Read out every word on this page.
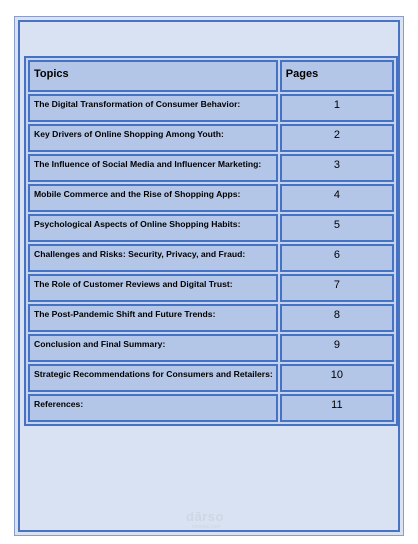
Topics	Pages
The Digital Transformation of Consumer Behavior:	1
Key Drivers of Online Shopping Among Youth:	2
The Influence of Social Media and Influencer Marketing:	3
Mobile Commerce and the Rise of Shopping Apps:	4
Psychological Aspects of Online Shopping Habits:	5
Challenges and Risks: Security, Privacy, and Fraud:	6
The Role of Customer Reviews and Digital Trust:	7
The Post-Pandemic Shift and Future Trends:	8
Conclusion and Final Summary:	9
Strategic Recommendations for Consumers and Retailers:	10
References:	11
dārso
mostaql.com
